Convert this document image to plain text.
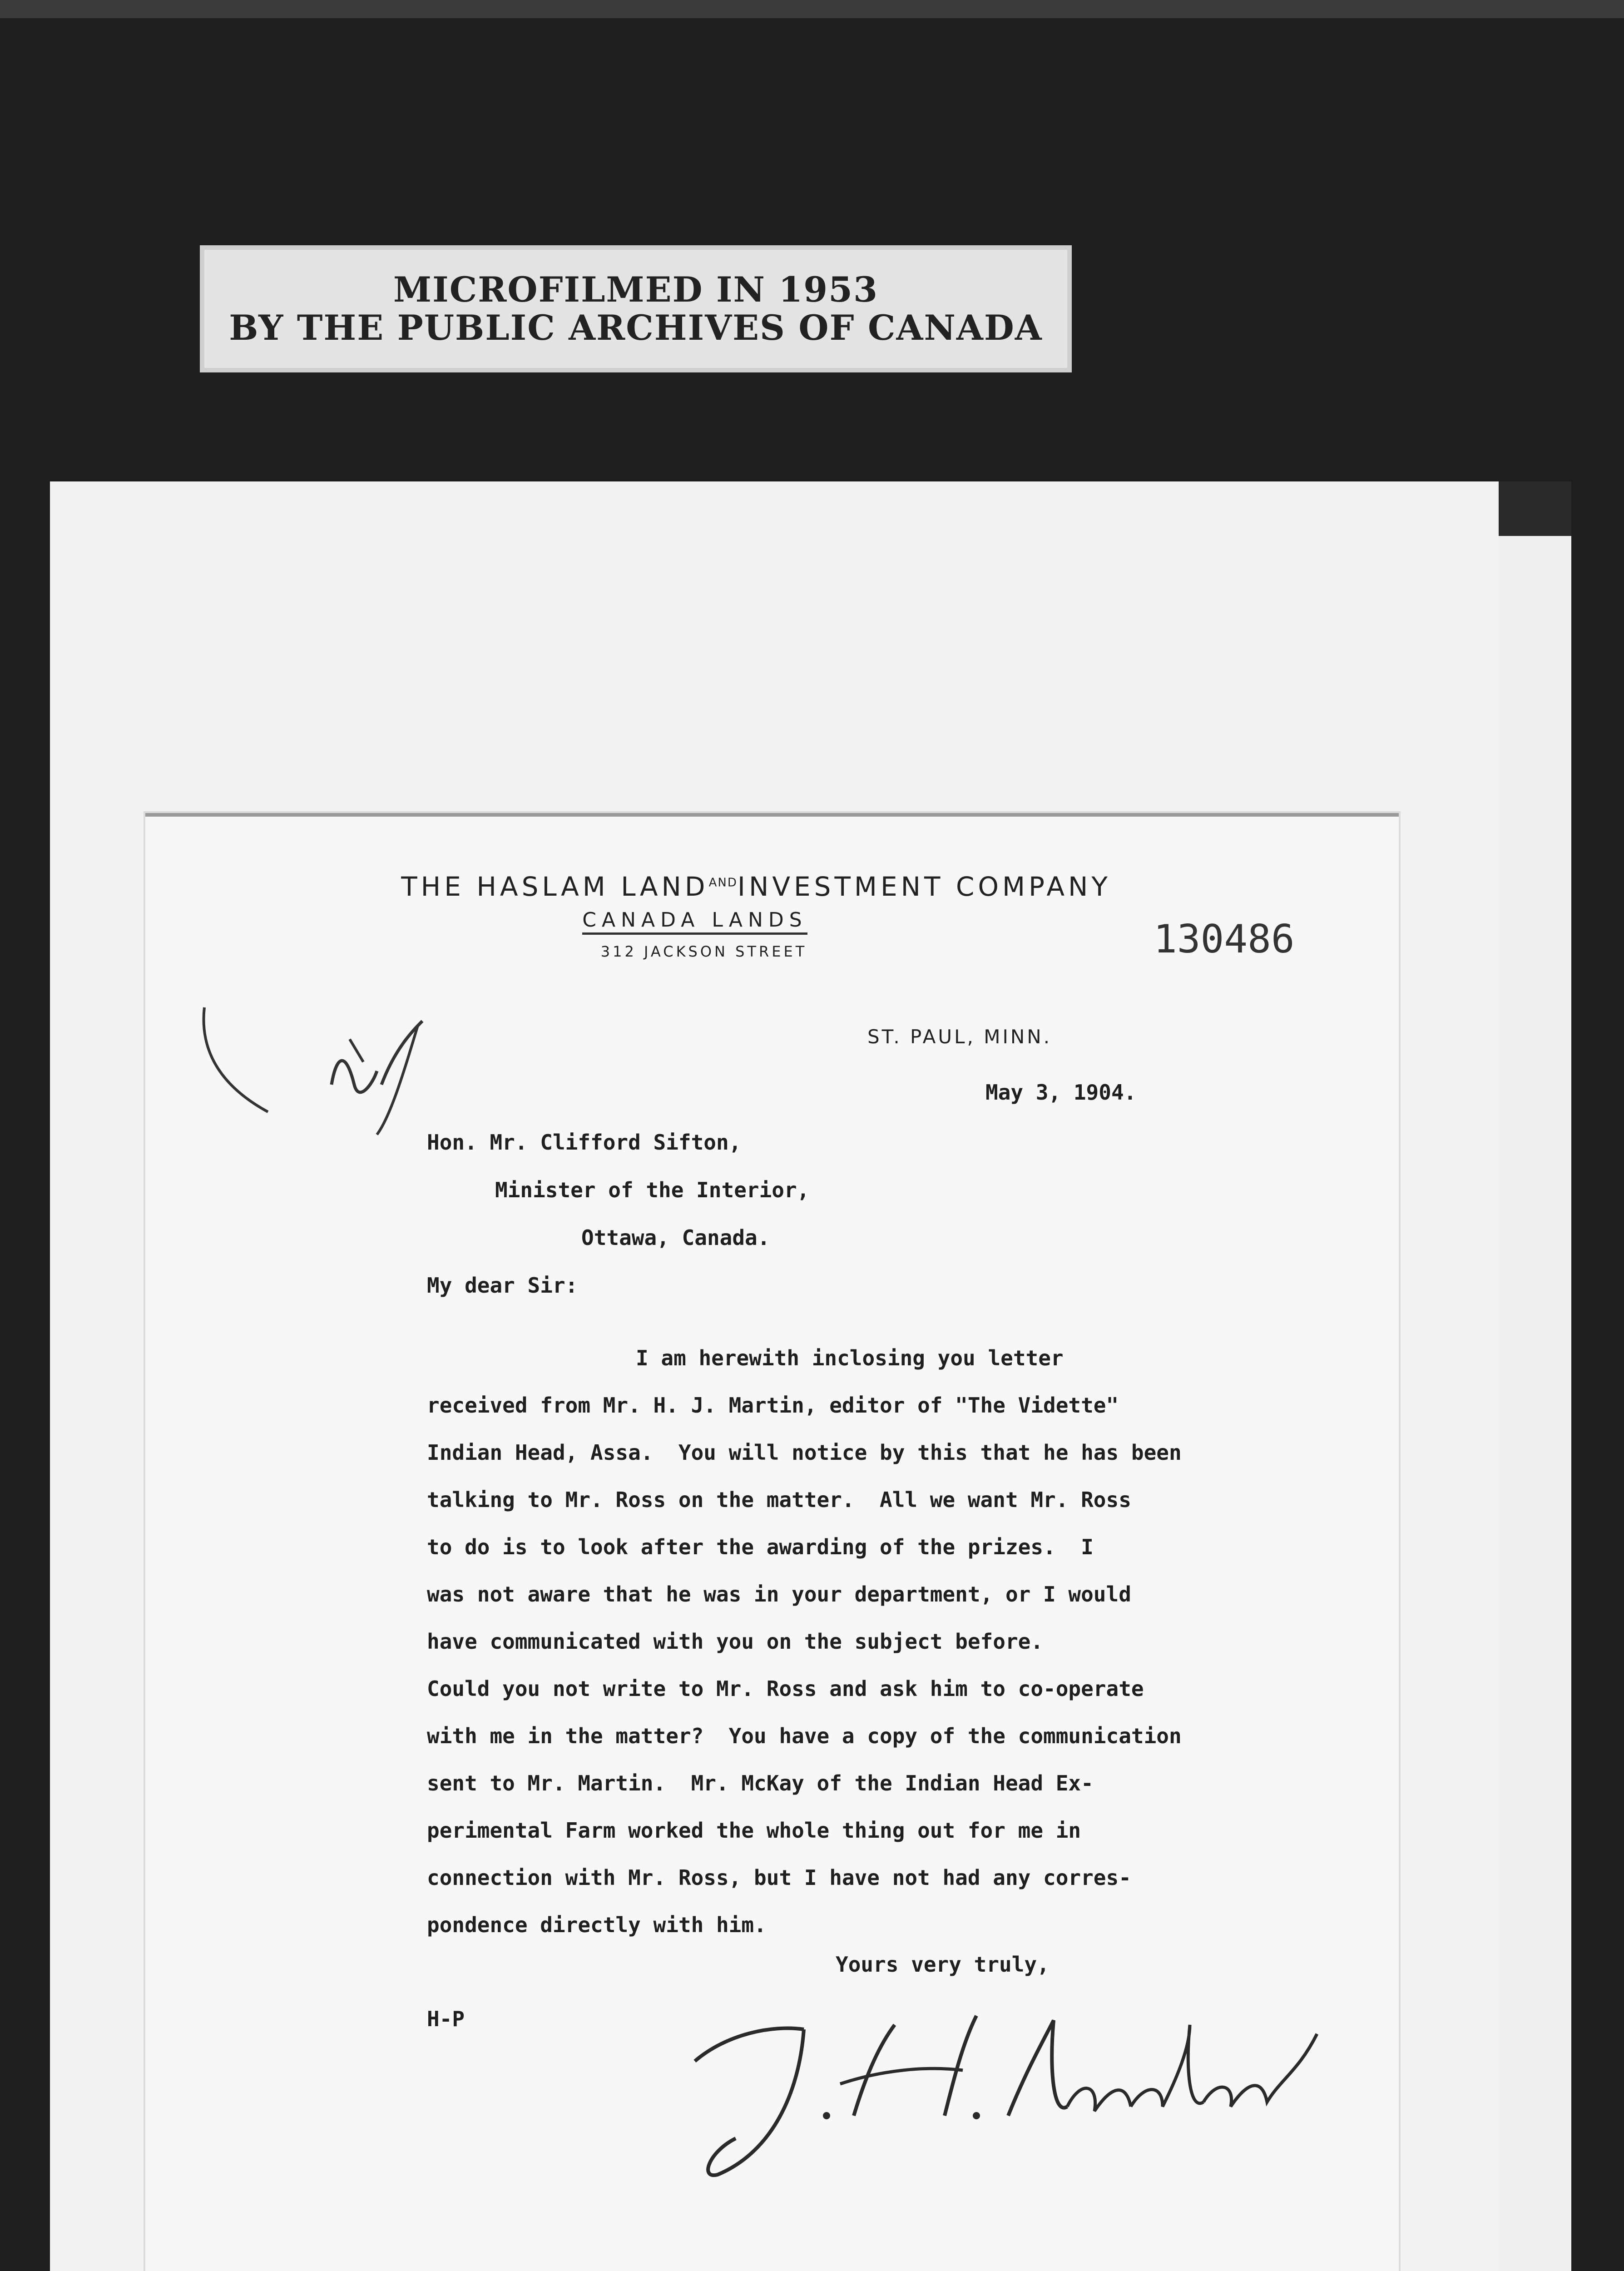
MICROFILMED IN 1953
BY THE PUBLIC ARCHIVES OF CANADA
THE HASLAM $LAND^{AND}INVESTMENT$ COMPANY
CANADA LANDS
312 JACKSON STREET	130486
ST. PAUL, MINN.
May 3, 1904.
Hon. Mr. Clifford Sifton,
Minister of the Interior,
Ottawa, Canada.
My dear Sir:
I am herewith inclosing you letter
received from Mr. H. J. Martin, editor of "The Vidette"
Indian Head, Assa.  You will notice by this that he has been
talking to Mr. Ross on the matter.  All we want Mr. Ross
to do is to look after the awarding of the prizes.  I
was not aware that he was in your department, or I would
have communicated with you on the subject before.
Could you not write to Mr. Ross and ask him to co-operate
with me in the matter?  You have a copy of the communication
sent to Mr. Martin.  Mr. McKay of the Indian Head Ex-
perimental Farm worked the whole thing out for me in
connection with Mr. Ross, but I have not had any corres-
pondence directly with him.
Yours very truly,
H-P
